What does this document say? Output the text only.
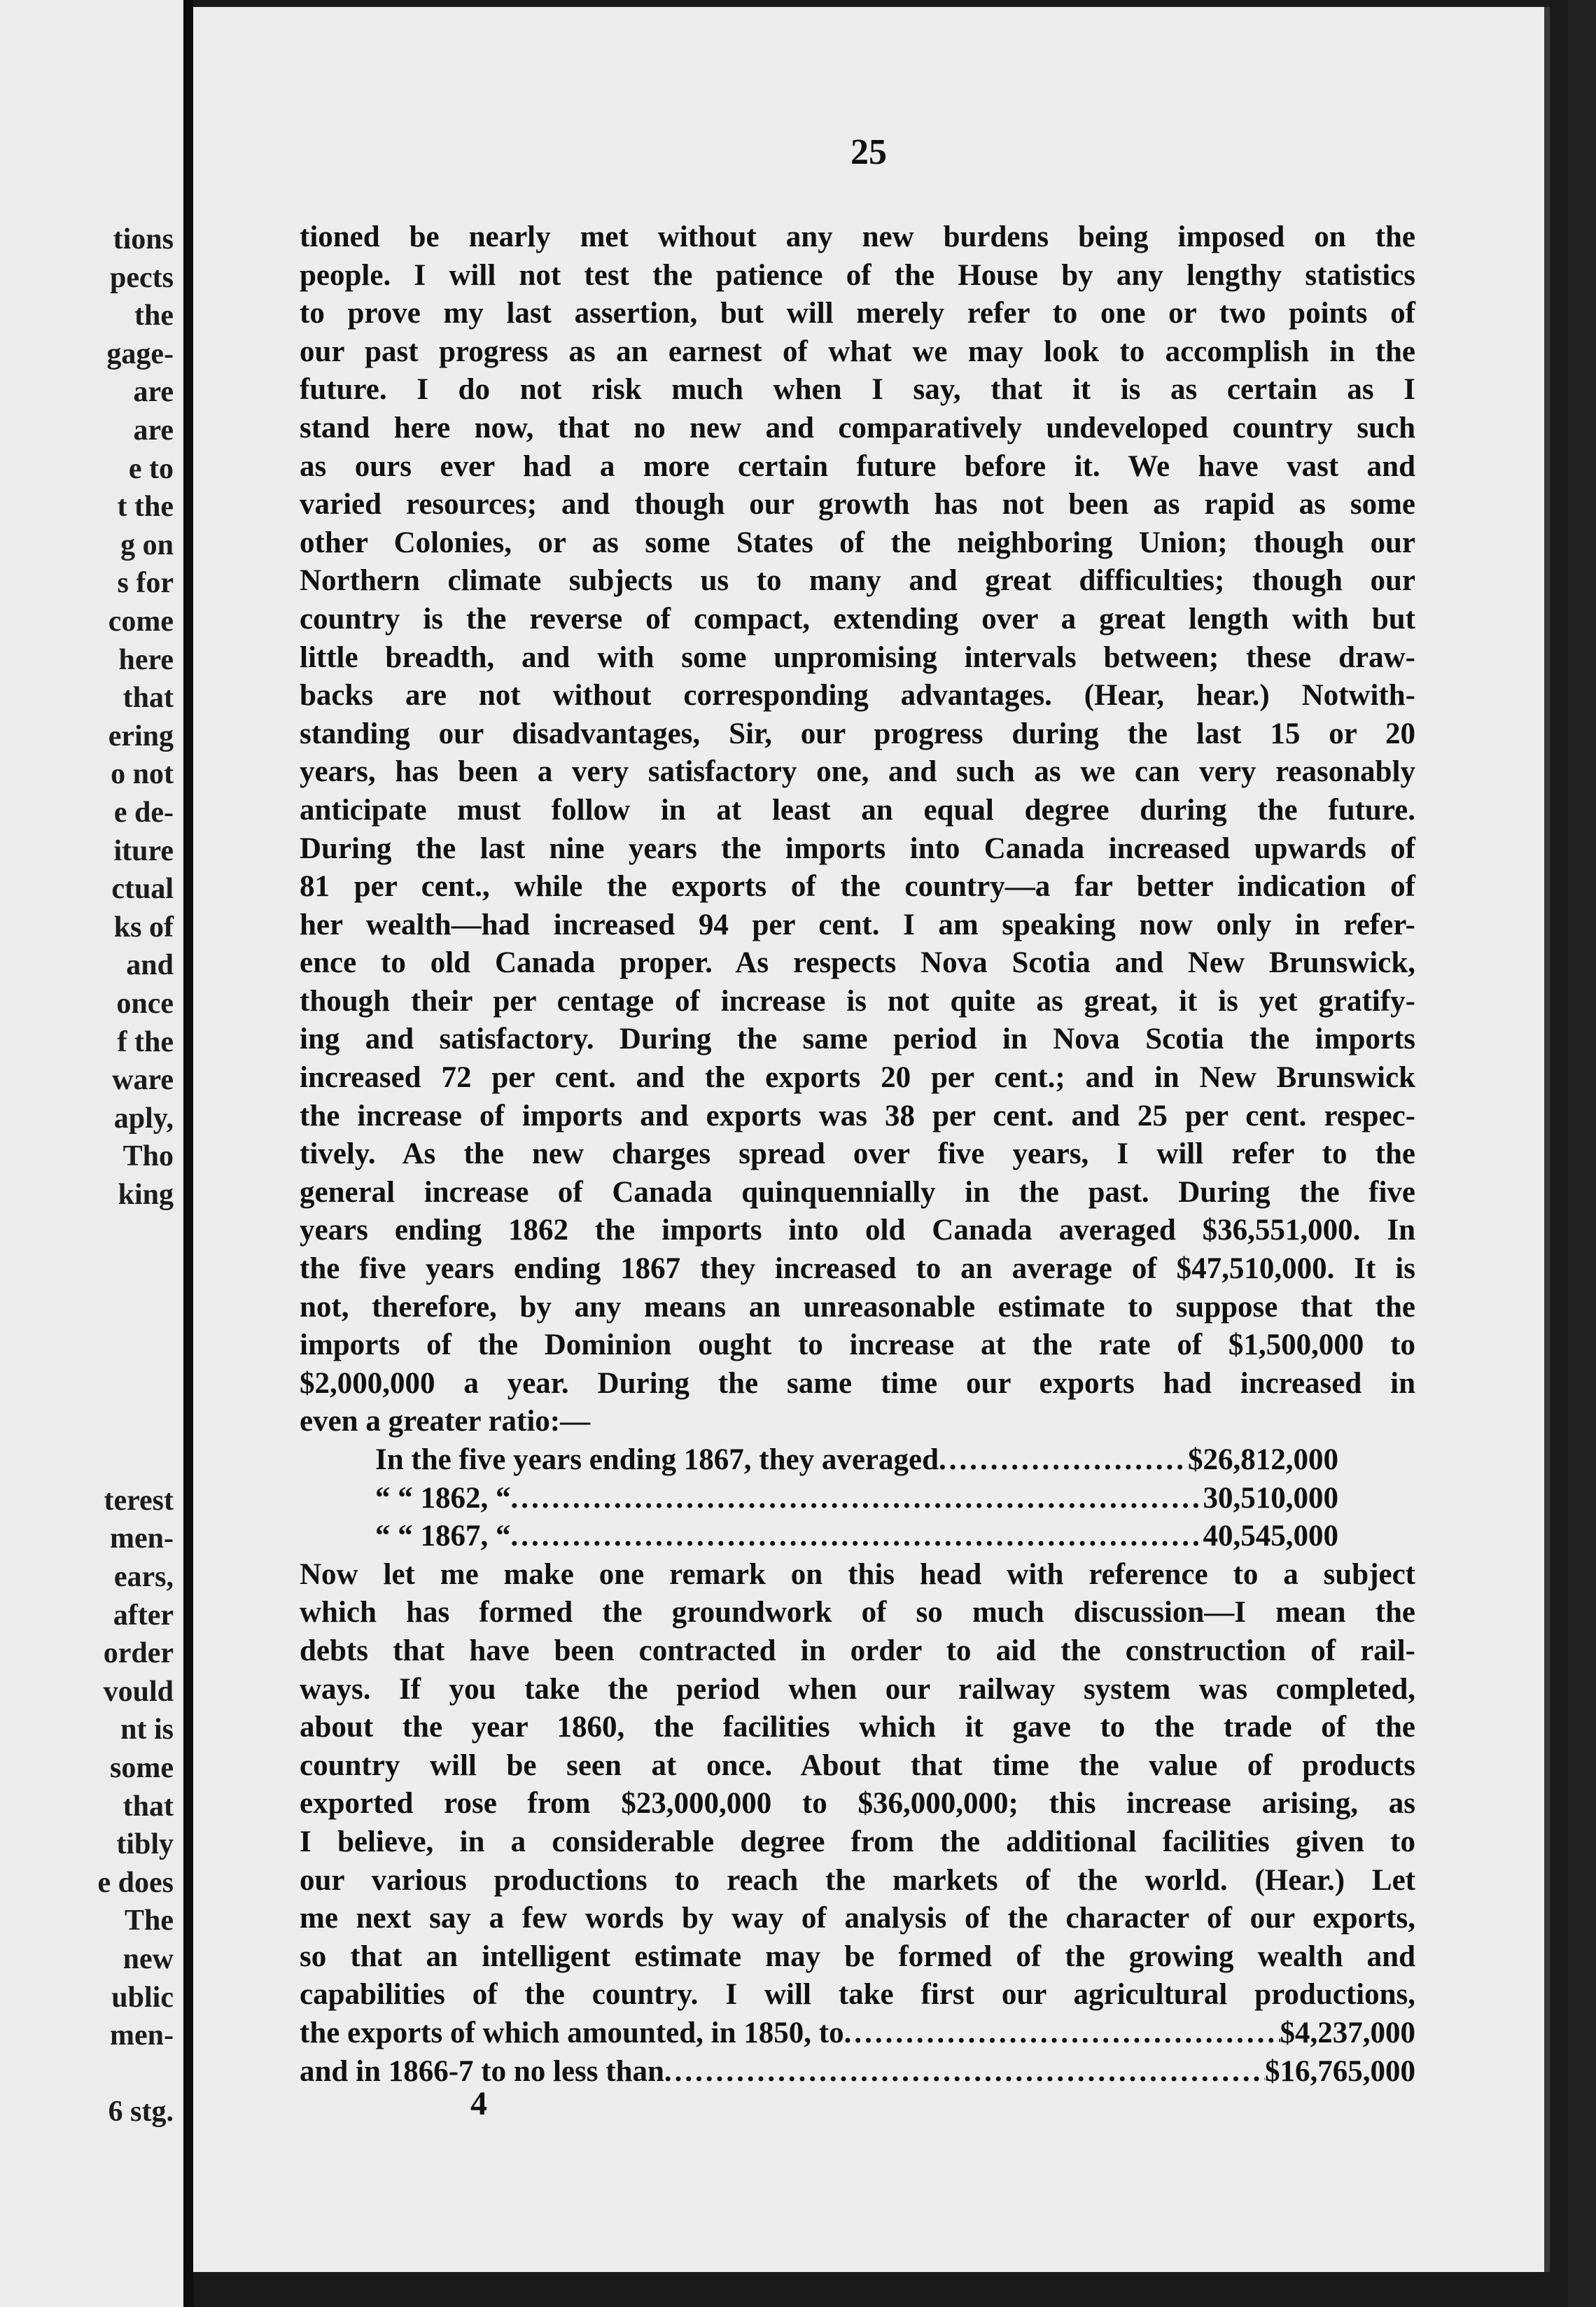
tions
pects
the
gage-
are
are
e to
t the
g on
s for
come
here
that
ering
o not
e de-
iture
ctual
ks of
and
once
f the
ware
aply,
Tho
king
terest
men-
ears,
after
order
vould
nt is
some
that
tibly
e does
The
new
ublic
men-
6 stg.
25
tioned be nearly met without any new burdens being imposed on the
people. I will not test the patience of the House by any lengthy statistics
to prove my last assertion, but will merely refer to one or two points of
our past progress as an earnest of what we may look to accomplish in the
future. I do not risk much when I say, that it is as certain as I
stand here now, that no new and comparatively undeveloped country such
as ours ever had a more certain future before it. We have vast and
varied resources; and though our growth has not been as rapid as some
other Colonies, or as some States of the neighboring Union; though our
Northern climate subjects us to many and great difficulties; though our
country is the reverse of compact, extending over a great length with but
little breadth, and with some unpromising intervals between; these draw-
backs are not without corresponding advantages. (Hear, hear.) Notwith-
standing our disadvantages, Sir, our progress during the last 15 or 20
years, has been a very satisfactory one, and such as we can very reasonably
anticipate must follow in at least an equal degree during the future.
During the last nine years the imports into Canada increased upwards of
81 per cent., while the exports of the country—a far better indication of
her wealth—had increased 94 per cent. I am speaking now only in refer-
ence to old Canada proper. As respects Nova Scotia and New Brunswick,
though their per centage of increase is not quite as great, it is yet gratify-
ing and satisfactory. During the same period in Nova Scotia the imports
increased 72 per cent. and the exports 20 per cent.; and in New Brunswick
the increase of imports and exports was 38 per cent. and 25 per cent. respec-
tively. As the new charges spread over five years, I will refer to the
general increase of Canada quinquennially in the past. During the five
years ending 1862 the imports into old Canada averaged $36,551,000. In
the five years ending 1867 they increased to an average of $47,510,000. It is
not, therefore, by any means an unreasonable estimate to suppose that the
imports of the Dominion ought to increase at the rate of $1,500,000 to
$2,000,000 a year. During the same time our exports had increased in
even a greater ratio:—
In the five years ending 1867, they averaged .....	$26,812,000
“ “ 1862, “ .....	30,510,000
“ “ 1867, “ .....	40,545,000
Now let me make one remark on this head with reference to a subject
which has formed the groundwork of so much discussion—I mean the
debts that have been contracted in order to aid the construction of rail-
ways. If you take the period when our railway system was completed,
about the year 1860, the facilities which it gave to the trade of the
country will be seen at once. About that time the value of products
exported rose from $23,000,000 to $36,000,000; this increase arising, as
I believe, in a considerable degree from the additional facilities given to
our various productions to reach the markets of the world. (Hear.) Let
me next say a few words by way of analysis of the character of our exports,
so that an intelligent estimate may be formed of the growing wealth and
capabilities of the country. I will take first our agricultural productions,
the exports of which amounted, in 1850, to .....	$4,237,000
and in 1866-7 to no less than .....	$16,765,000
4
